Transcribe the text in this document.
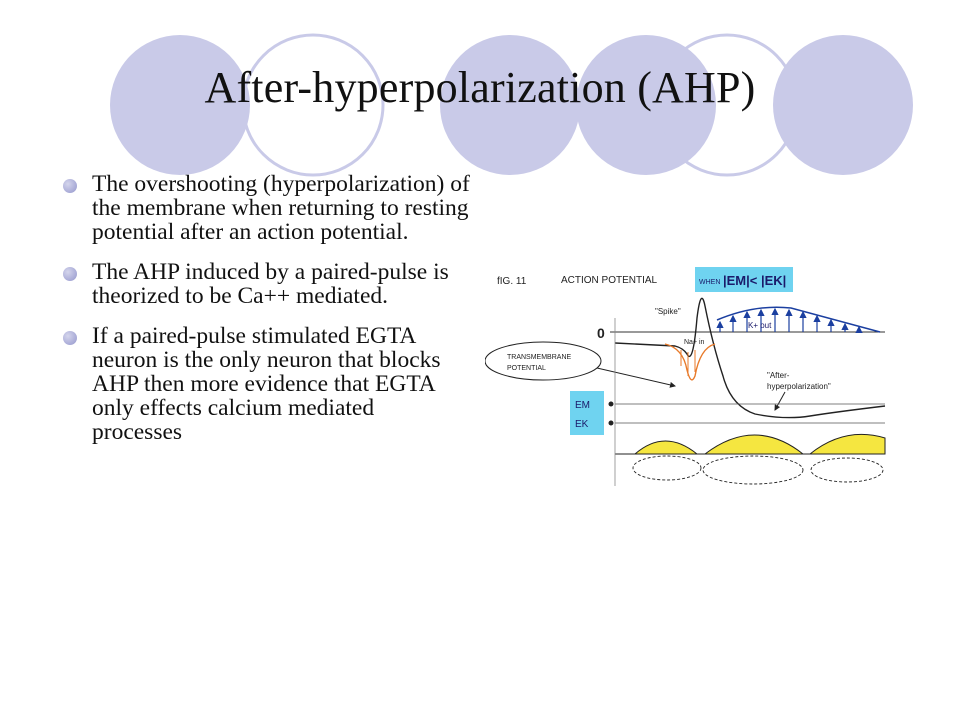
After-hyperpolarization (AHP)
The overshooting (hyperpolarization) of the membrane when returning to resting potential after an action potential.
The AHP induced by a paired-pulse is theorized to be Ca++ mediated.
If a paired-pulse stimulated EGTA neuron is the only neuron that blocks AHP then more evidence that EGTA only effects calcium mediated processes
fIG. 11	ACTION POTENTIAL	WHEN |EM|< |EK|
0	K+ out
Na+ in
"Spike"
TRANSMEMBRANE
POTENTIAL
"After-
hyperpolarization"
EM
EK
